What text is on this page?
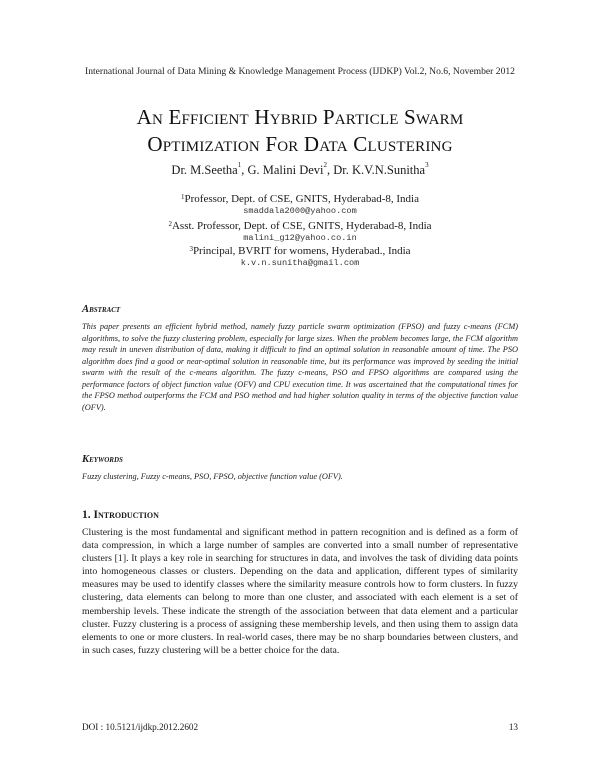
International Journal of Data Mining & Knowledge Management Process (IJDKP) Vol.2, No.6, November 2012
An Efficient Hybrid Particle Swarm
Optimization For Data Clustering
Dr. M.Seetha$^1$, G. Malini Devi$^2$, Dr. K.V.N.Sunitha$^3$
$^1$Professor, Dept. of CSE, GNITS, Hyderabad-8, India
smaddala2000@yahoo.com
$^2$Asst. Professor, Dept. of CSE, GNITS, Hyderabad-8, India
malini_g12@yahoo.co.in
$^3$Principal, BVRIT for womens, Hyderabad., India
k.v.n.sunitha@gmail.com
Abstract
This paper presents an efficient hybrid method, namely fuzzy particle swarm optimization (FPSO) and fuzzy c-means (FCM) algorithms, to solve the fuzzy clustering problem, especially for large sizes. When the problem becomes large, the FCM algorithm may result in uneven distribution of data, making it difficult to find an optimal solution in reasonable amount of time. The PSO algorithm does find a good or near-optimal solution in reasonable time, but its performance was improved by seeding the initial swarm with the result of the c-means algorithm. The fuzzy c-means, PSO and FPSO algorithms are compared using the performance factors of object function value (OFV) and CPU execution time. It was ascertained that the computational times for the FPSO method outperforms the FCM and PSO method and had higher solution quality in terms of the objective function value (OFV).
Keywords
Fuzzy clustering, Fuzzy c-means, PSO, FPSO, objective function value (OFV).
1. Introduction
Clustering is the most fundamental and significant method in pattern recognition and is defined as a form of data compression, in which a large number of samples are converted into a small number of representative clusters [1]. It plays a key role in searching for structures in data, and involves the task of dividing data points into homogeneous classes or clusters. Depending on the data and application, different types of similarity measures may be used to identify classes where the similarity measure controls how to form clusters. In fuzzy clustering, data elements can belong to more than one cluster, and associated with each element is a set of membership levels. These indicate the strength of the association between that data element and a particular cluster. Fuzzy clustering is a process of assigning these membership levels, and then using them to assign data elements to one or more clusters. In real-world cases, there may be no sharp boundaries between clusters, and in such cases, fuzzy clustering will be a better choice for the data.
DOI : 10.5121/ijdkp.2012.2602	13
